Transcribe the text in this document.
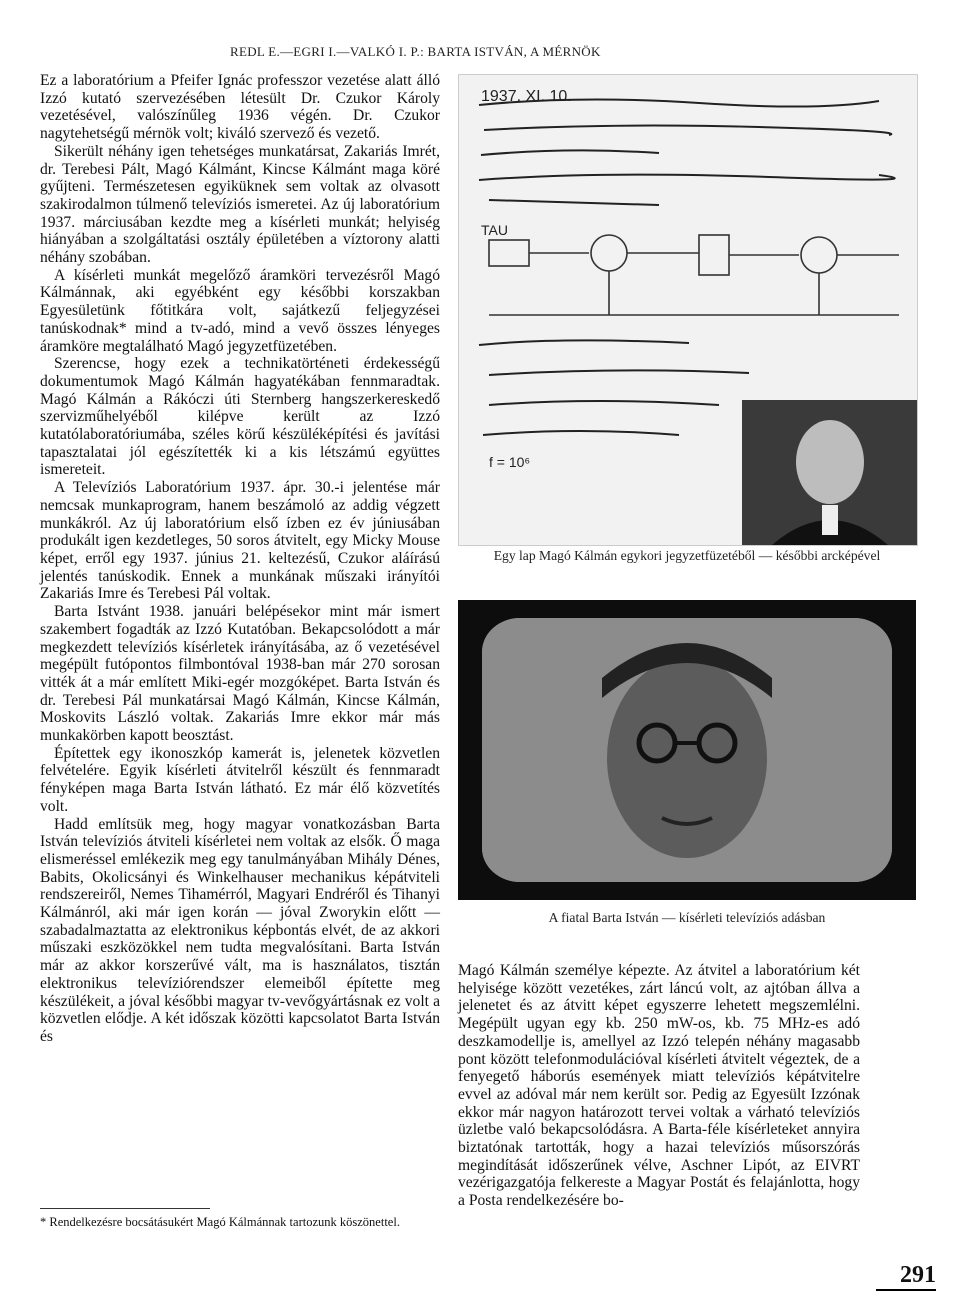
REDL E.—EGRI I.—VALKÓ I. P.: BARTA ISTVÁN, A MÉRNÖK

Ez a laboratórium a Pfeifer Ignác professzor vezetése alatt álló Izzó kutató szervezésében létesült Dr. Czukor Károly vezetésével, valószínűleg 1936 végén. Dr. Czukor nagytehetségű mérnök volt; kiváló szervező és vezető.

Sikerült néhány igen tehetséges munkatársat, Zakariás Imrét, dr. Terebesi Pált, Magó Kálmánt, Kincse Kálmánt maga köré gyűjteni. Természetesen egyiküknek sem voltak az olvasott szakirodalmon túlmenő televíziós ismeretei. Az új laboratórium 1937. márciusában kezdte meg a kísérleti munkát; helyiség hiányában a szolgáltatási osztály épületében a víztorony alatti néhány szobában.

A kísérleti munkát megelőző áramköri tervezésről Magó Kálmánnak, aki egyébként egy későbbi korszakban Egyesületünk főtitkára volt, sajátkezű feljegyzései tanúskodnak* mind a tv-adó, mind a vevő összes lényeges áramköre megtalálható Magó jegyzetfüzetében.

Szerencse, hogy ezek a technikatörténeti érdekességű dokumentumok Magó Kálmán hagyatékában fennmaradtak. Magó Kálmán a Rákóczi úti Sternberg hangszerkereskedő szervizműhelyéből kilépve került az Izzó kutatólaboratóriumába, széles körű készüléképítési és javítási tapasztalatai jól egészítették ki a kis létszámú együttes ismereteit.

A Televíziós Laboratórium 1937. ápr. 30.-i jelentése már nemcsak munkaprogram, hanem beszámoló az addig végzett munkákról. Az új laboratórium első ízben ez év júniusában produkált igen kezdetleges, 50 soros átvitelt, egy Micky Mouse képet, erről egy 1937. június 21. keltezésű, Czukor aláírású jelentés tanúskodik. Ennek a munkának műszaki irányítói Zakariás Imre és Terebesi Pál voltak.

Barta Istvánt 1938. januári belépésekor mint már ismert szakembert fogadták az Izzó Kutatóban. Bekapcsolódott a már megkezdett televíziós kísérletek irányításába, az ő vezetésével megépült futópontos filmbontóval 1938-ban már 270 sorosan vitték át a már említett Miki-egér mozgóképet. Barta István és dr. Terebesi Pál munkatársai Magó Kálmán, Kincse Kálmán, Moskovits László voltak. Zakariás Imre ekkor már más munkakörben kapott beosztást.

Építettek egy ikonoszkóp kamerát is, jelenetek közvetlen felvételére. Egyik kísérleti átvitelről készült és fennmaradt fényképen maga Barta István látható. Ez már élő közvetítés volt.

Hadd említsük meg, hogy magyar vonatkozásban Barta István televíziós átviteli kísérletei nem voltak az elsők. Ő maga elismeréssel emlékezik meg egy tanulmányában Mihály Dénes, Babits, Okolicsányi és Winkelhauser mechanikus képátviteli rendszereiről, Nemes Tihamérról, Magyari Endréről és Tihanyi Kálmánról, aki már igen korán — jóval Zworykin előtt — szabadalmaztatta az elektronikus képbontás elvét, de az akkori műszaki eszközökkel nem tudta megvalósítani. Barta István már az akkor korszerűvé vált, ma is használatos, tisztán elektronikus televíziórendszer elemeiből építette meg készülékeit, a jóval későbbi magyar tv-vevőgyártásnak ez volt a közvetlen elődje. A két időszak közötti kapcsolatot Barta István és

* Rendelkezésre bocsátásukért Magó Kálmánnak tartozunk köszönettel.
1937. XI. 10.
TAU
f = 10⁶
Egy lap Magó Kálmán egykori jegyzetfüzetéből — későbbi arcképével
A fiatal Barta István — kísérleti televíziós adásban

Magó Kálmán személye képezte. Az átvitel a laboratórium két helyisége között vezetékes, zárt láncú volt, az ajtóban állva a jelenetet és az átvitt képet egyszerre lehetett megszemlélni. Megépült ugyan egy kb. 250 mW-os, kb. 75 MHz-es adó deszkamodellje is, amellyel az Izzó telepén néhány magasabb pont között telefonmodulációval kísérleti átvitelt végeztek, de a fenyegető háborús események miatt televíziós képátvitelre evvel az adóval már nem került sor. Pedig az Egyesült Izzónak ekkor már nagyon határozott tervei voltak a várható televíziós üzletbe való bekapcsolódásra. A Barta-féle kísérleteket annyira biztatónak tartották, hogy a hazai televíziós műsorszórás megindítását időszerűnek vélve, Aschner Lipót, az EIVRT vezérigazgatója felkereste a Magyar Postát és felajánlotta, hogy a Posta rendelkezésére bo-

291
